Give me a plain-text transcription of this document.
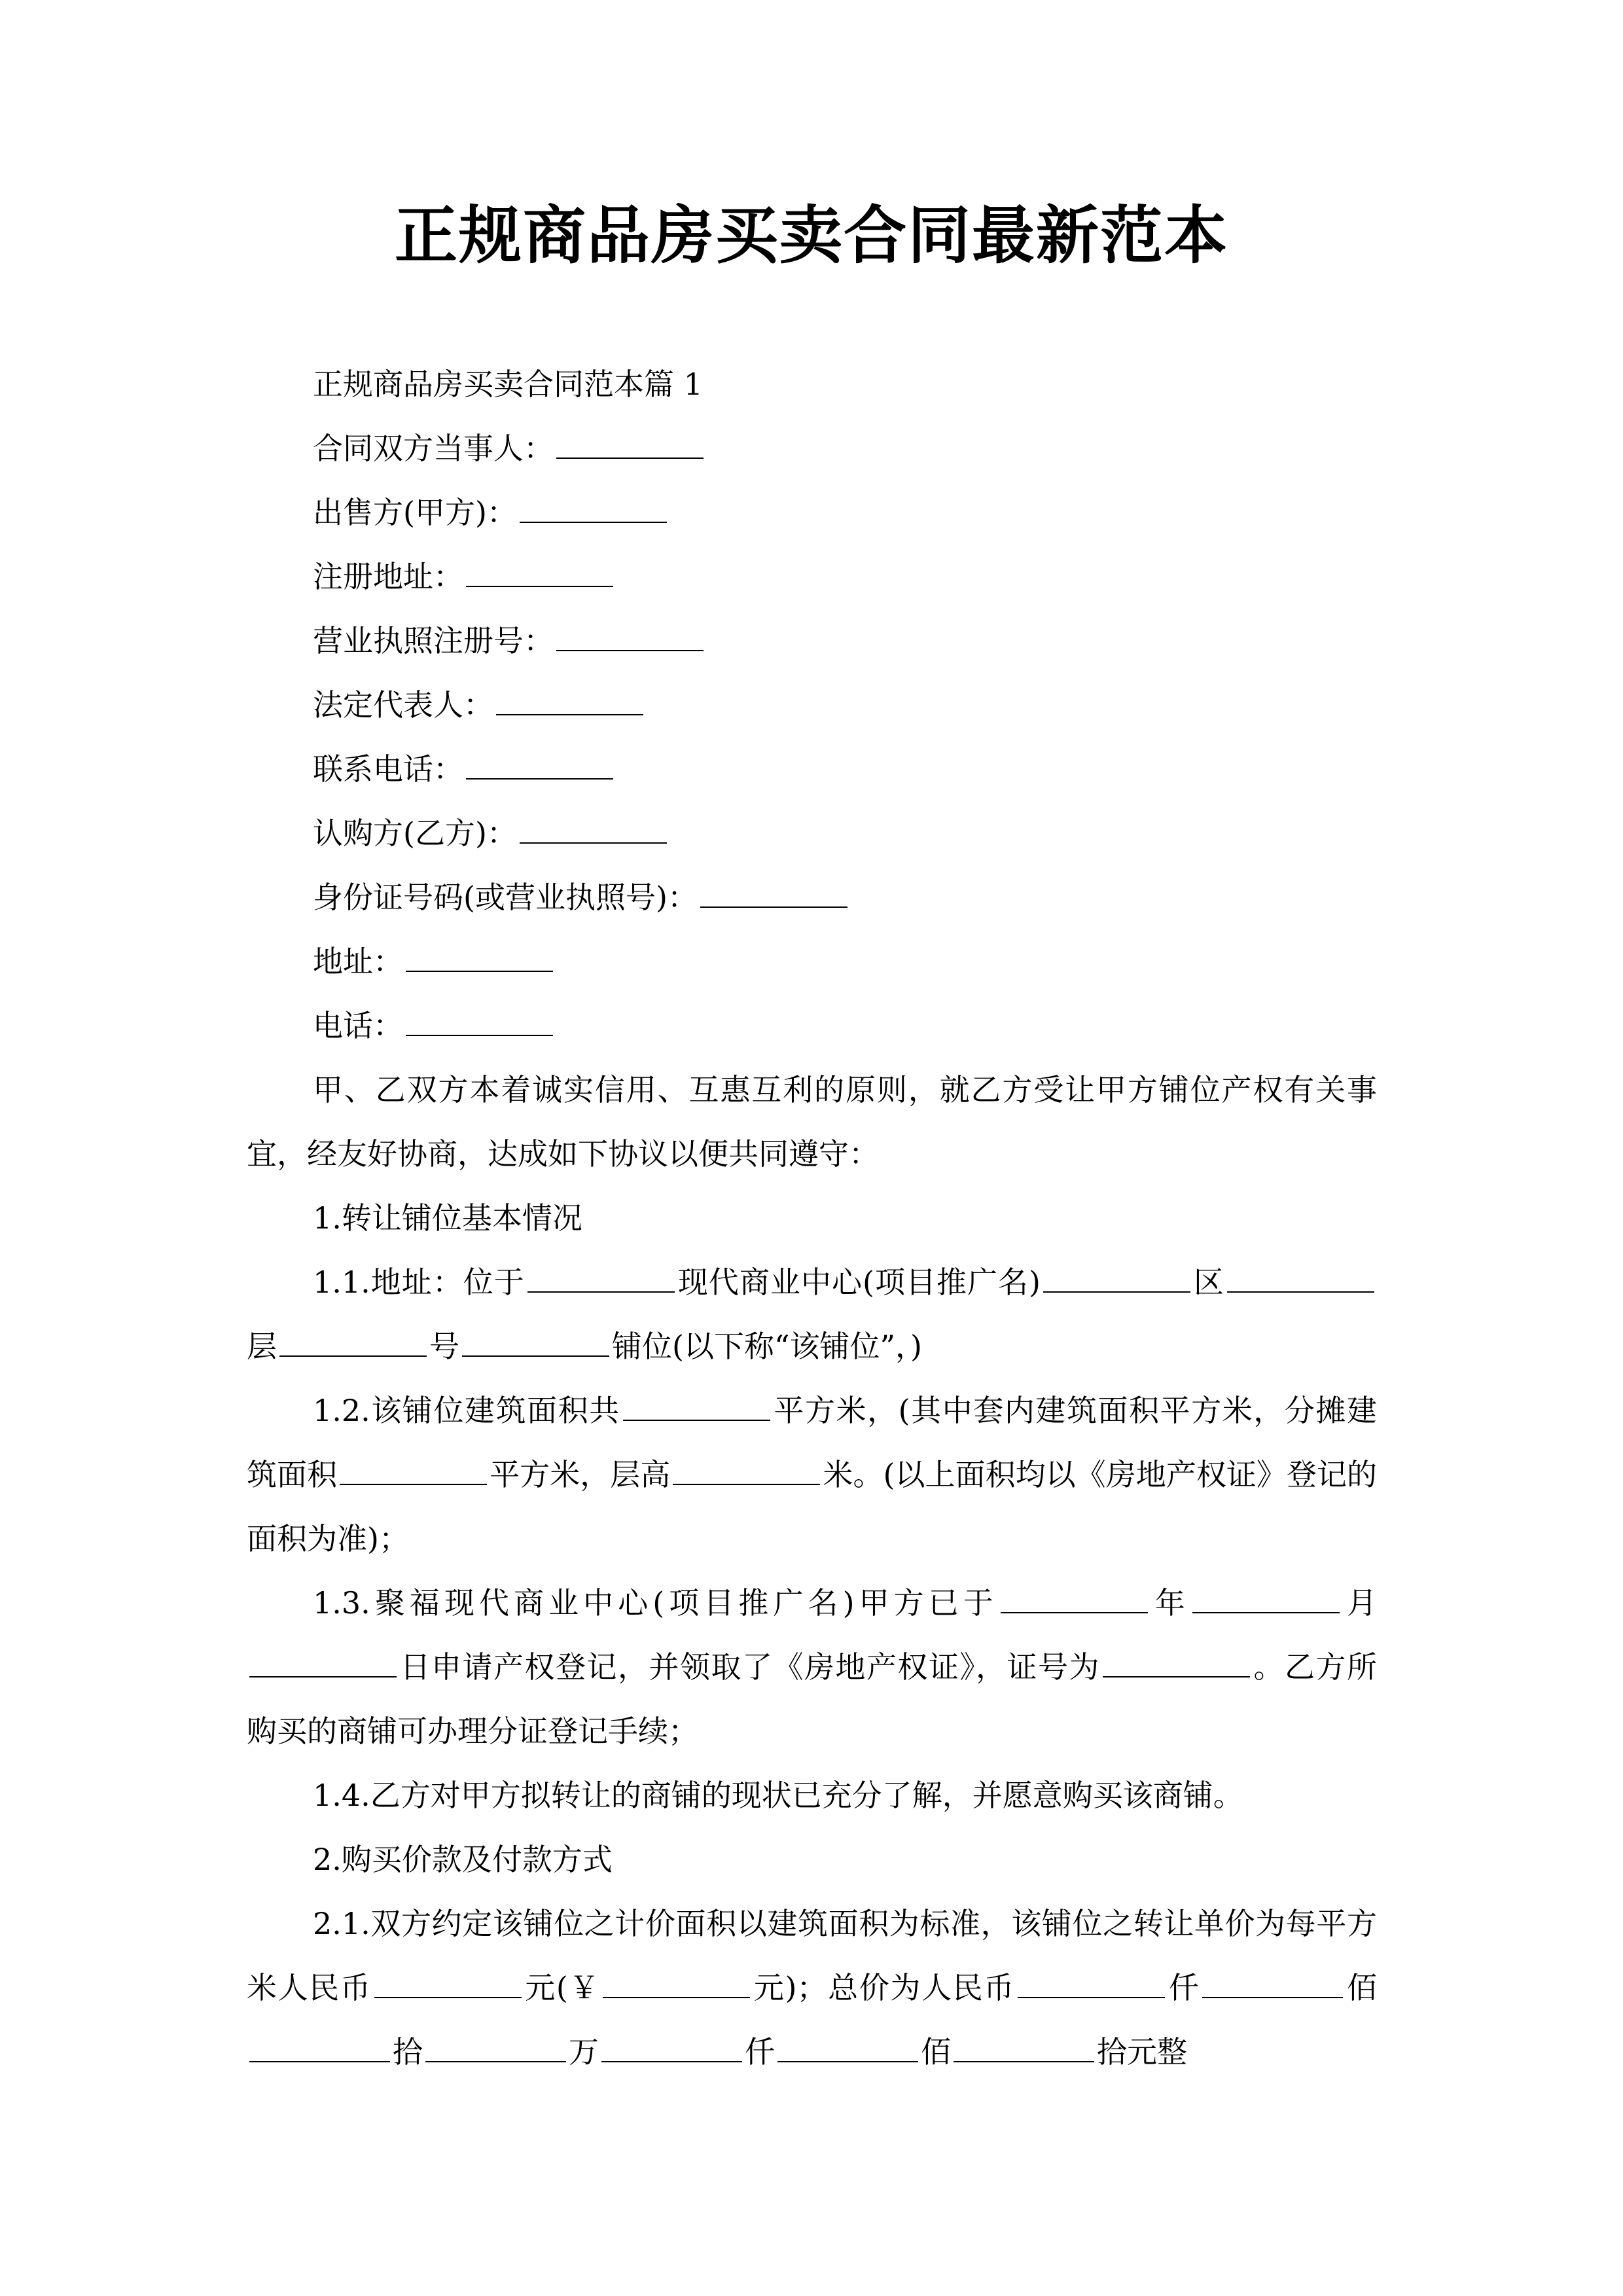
正规商品房买卖合同最新范本

正规商品房买卖合同范本篇 1

合同双方当事人：

出售方(甲方)：

注册地址：

营业执照注册号：

法定代表人：

联系电话：

认购方(乙方)：

身份证号码(或营业执照号)：

地址：

电话：

甲、乙双方本着诚实信用、互惠互利的原则，就乙方受让甲方铺位产权有关事宜，经友好协商，达成如下协议以便共同遵守：

1.转让铺位基本情况

1.1.地址：位于	现代商业中心(项目推广名)	区层	号	铺位(以下称“该铺位”，)

1.2.该铺位建筑面积共	平方米，(其中套内建筑面积平方米，分摊建筑面积	平方米，层高	米。(以上面积均以《房地产权证》登记的面积为准)；

1.3.聚福现代商业中心(项目推广名)甲方已于	年	月日申请产权登记，并领取了《房地产权证》，证号为	。乙方所购买的商铺可办理分证登记手续；

1.4.乙方对甲方拟转让的商铺的现状已充分了解，并愿意购买该商铺。

2.购买价款及付款方式

2.1.双方约定该铺位之计价面积以建筑面积为标准，该铺位之转让单价为每平方米人民币	元(￥	元)；总价为人民币	仟	佰拾	万	仟	佰	拾元整
